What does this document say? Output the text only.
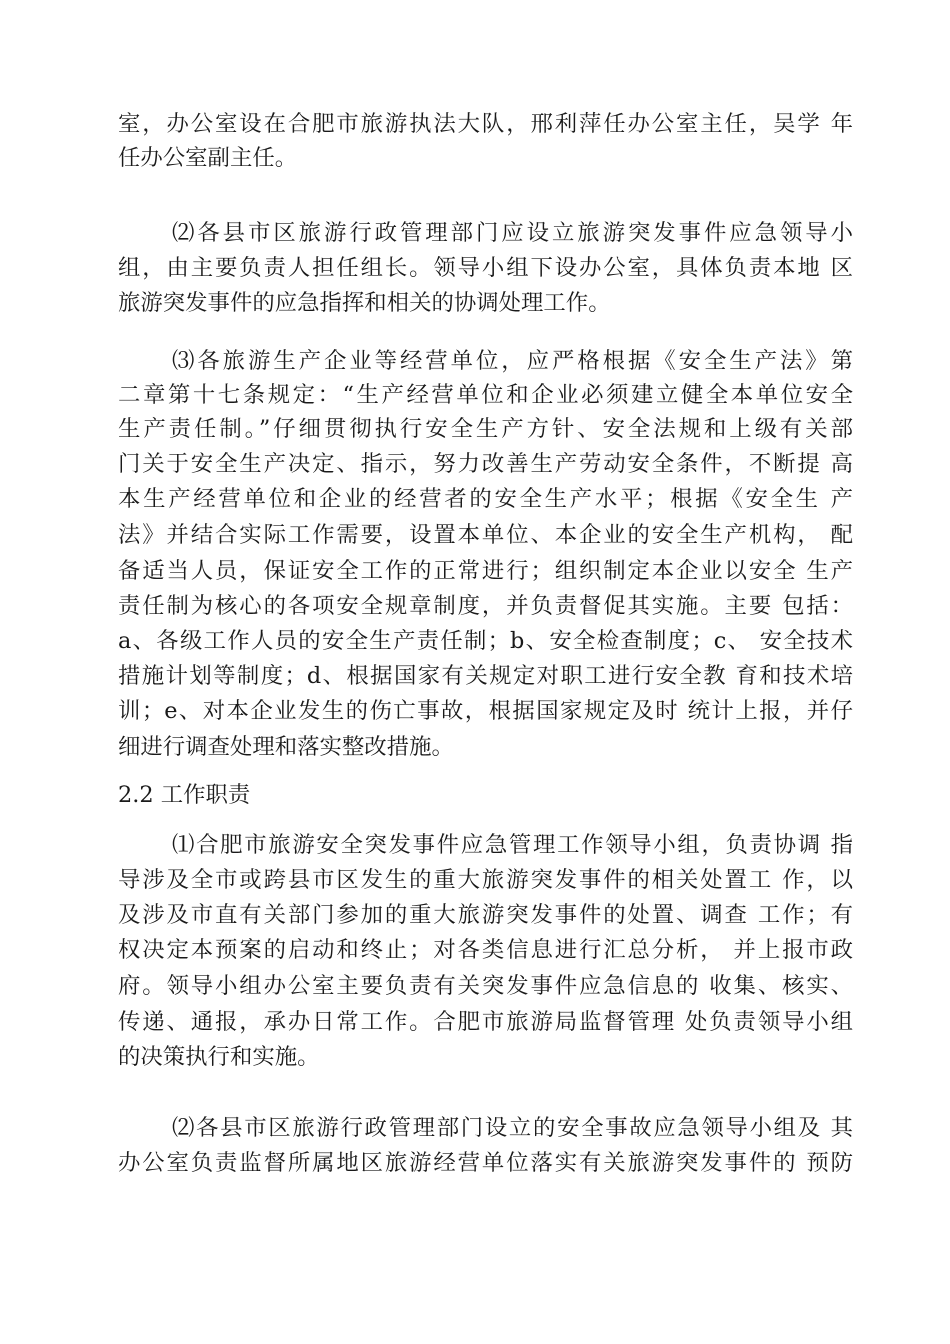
室，办公室设在合肥市旅游执法大队，邢利萍任办公室主任，吴学 年
任办公室副主任。
⑵各县市区旅游行政管理部门应设立旅游突发事件应急领导小
组，由主要负责人担任组长。领导小组下设办公室，具体负责本地 区
旅游突发事件的应急指挥和相关的协调处理工作。
⑶各旅游生产企业等经营单位，应严格根据《安全生产法》第
二章第十七条规定：“生产经营单位和企业必须建立健全本单位安全
生产责任制。”仔细贯彻执行安全生产方针、安全法规和上级有关部
门关于安全生产决定、指示，努力改善生产劳动安全条件，不断提 高
本生产经营单位和企业的经营者的安全生产水平；根据《安全生 产
法》并结合实际工作需要，设置本单位、本企业的安全生产机构， 配
备适当人员，保证安全工作的正常进行；组织制定本企业以安全 生产
责任制为核心的各项安全规章制度，并负责督促其实施。主要 包括：
a、各级工作人员的安全生产责任制；b、安全检查制度；c、 安全技术
措施计划等制度；d、根据国家有关规定对职工进行安全教 育和技术培
训；e、对本企业发生的伤亡事故，根据国家规定及时 统计上报，并仔
细进行调查处理和落实整改措施。
2.2 工作职责
⑴合肥市旅游安全突发事件应急管理工作领导小组，负责协调 指
导涉及全市或跨县市区发生的重大旅游突发事件的相关处置工 作，以
及涉及市直有关部门参加的重大旅游突发事件的处置、调查 工作；有
权决定本预案的启动和终止；对各类信息进行汇总分析， 并上报市政
府。领导小组办公室主要负责有关突发事件应急信息的 收集、核实、
传递、通报，承办日常工作。合肥市旅游局监督管理 处负责领导小组
的决策执行和实施。
⑵各县市区旅游行政管理部门设立的安全事故应急领导小组及 其
办公室负责监督所属地区旅游经营单位落实有关旅游突发事件的 预防
